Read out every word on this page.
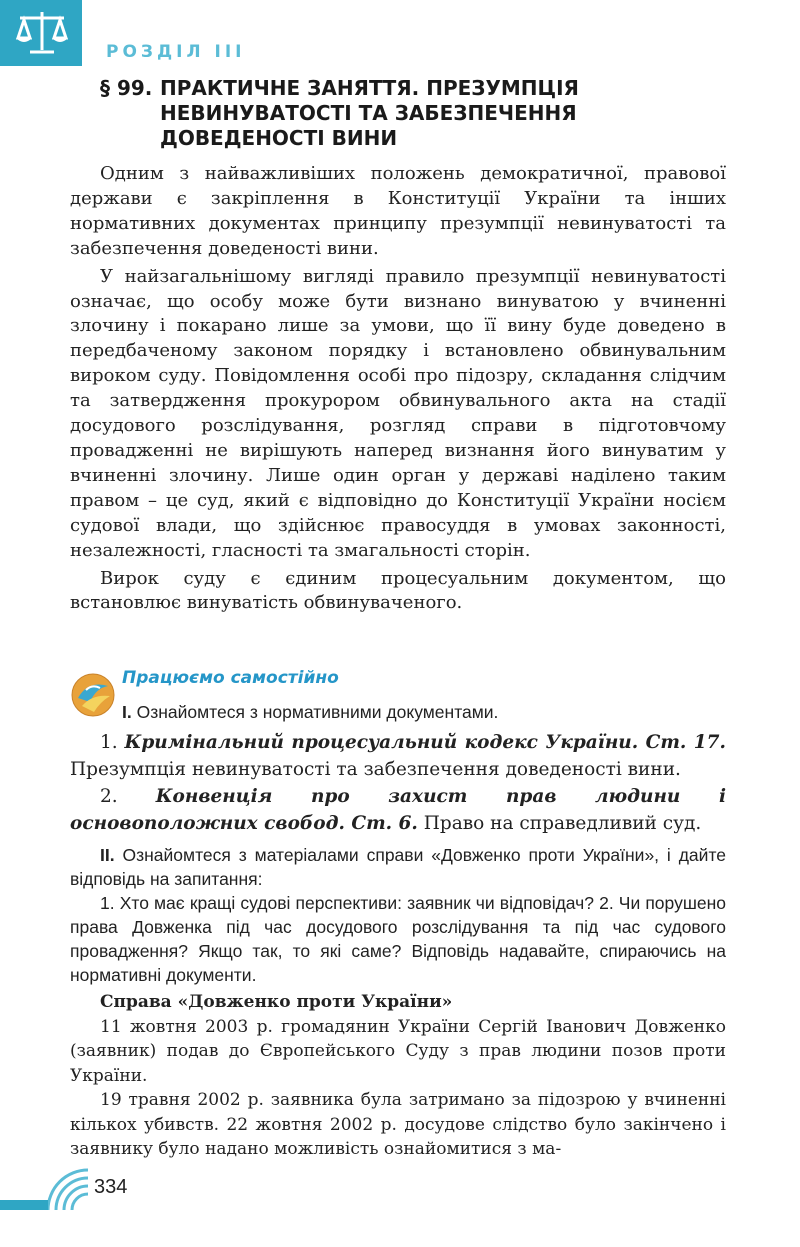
РОЗДІЛ III
§ 99. ПРАКТИЧНЕ ЗАНЯТТЯ. ПРЕЗУМПЦІЯ
НЕВИНУВАТОСТІ ТА ЗАБЕЗПЕЧЕННЯ
ДОВЕДЕНОСТІ ВИНИ

Одним з найважливіших положень демократичної, правової держави є закріплення в Конституції України та інших нормативних документах принципу презумпції невинуватості та забезпечення доведеності вини.

У найзагальнішому вигляді правило презумпції невинуватості означає, що особу може бути визнано винуватою у вчиненні злочину і покарано лише за умови, що її вину буде доведено в передбаченому законом порядку і встановлено обвинувальним вироком суду. Повідомлення особі про підозру, складання слідчим та затвердження прокурором обвинувального акта на стадії досудового розслідування, розгляд справи в підготовчому провадженні не вирішують наперед визнання його винуватим у вчиненні злочину. Лише один орган у державі наділено таким правом – це суд, який є відповідно до Конституції України носієм судової влади, що здійснює правосуддя в умовах законності, незалежності, гласності та змагальності сторін.

Вирок суду є єдиним процесуальним документом, що встановлює винуватість обвинуваченого.

Працюємо самостійно
I. Ознайомтеся з нормативними документами.

1. Кримінальний процесуальний кодекс України. Ст. 17. Презумпція невинуватості та забезпечення доведеності вини.

2. Конвенція про захист прав людини і основоположних свобод. Ст. 6. Право на справедливий суд.

II. Ознайомтеся з матеріалами справи «Довженко проти України», і дайте відповідь на запитання:

1. Хто має кращі судові перспективи: заявник чи відповідач? 2. Чи порушено права Довженка під час досудового розслідування та під час судового провадження? Якщо так, то які саме? Відповідь надавайте, спираючись на нормативні документи.

Справа «Довженко проти України»

11 жовтня 2003 р. громадянин України Сергій Іванович Довженко (заявник) подав до Європейського Суду з прав людини позов проти України.

19 травня 2002 р. заявника була затримано за підозрою у вчиненні кількох убивств. 22 жовтня 2002 р. досудове слідство було закінчено і заявнику було надано можливість ознайомитися з ма-

334
